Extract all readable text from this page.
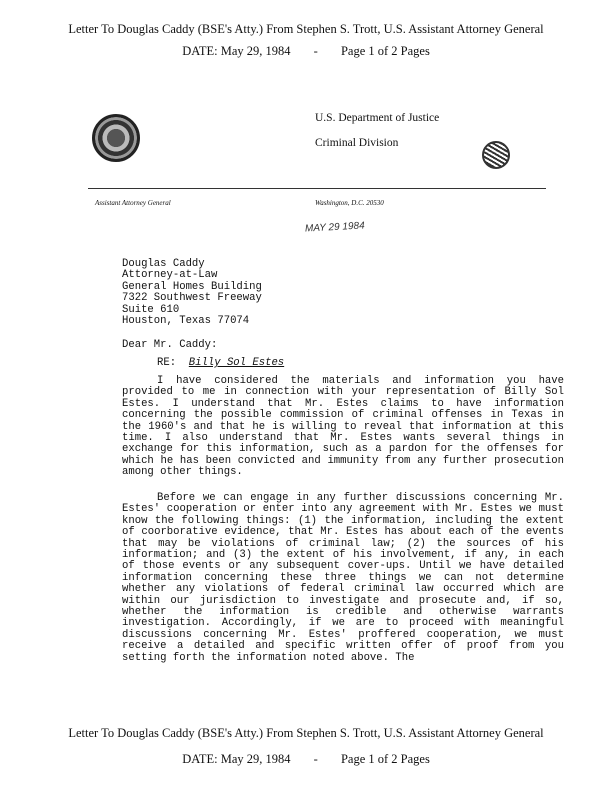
Letter To Douglas Caddy (BSE's Atty.) From Stephen S. Trott, U.S. Assistant Attorney General
DATE: May 29, 1984 - Page 1 of 2 Pages
U.S. Department of Justice
Criminal Division
Assistant Attorney General	Washington, D.C. 20530
MAY 29 1984
Douglas Caddy
Attorney-at-Law
General Homes Building
7322 Southwest Freeway
Suite 610
Houston, Texas 77074
Dear Mr. Caddy:
RE: Billy Sol Estes

I have considered the materials and information you have provided to me in connection with your representation of Billy Sol Estes. I understand that Mr. Estes claims to have information concerning the possible commission of criminal offenses in Texas in the 1960's and that he is willing to reveal that information at this time. I also understand that Mr. Estes wants several things in exchange for this information, such as a pardon for the offenses for which he has been convicted and immunity from any further prosecution among other things.

Before we can engage in any further discussions concerning Mr. Estes' cooperation or enter into any agreement with Mr. Estes we must know the following things: (1) the information, including the extent of coorborative evidence, that Mr. Estes has about each of the events that may be violations of criminal law; (2) the sources of his information; and (3) the extent of his involvement, if any, in each of those events or any subsequent cover-ups. Until we have detailed information concerning these three things we can not determine whether any violations of federal criminal law occurred which are within our jurisdiction to investigate and prosecute and, if so, whether the information is credible and otherwise warrants investigation. Accordingly, if we are to proceed with meaningful discussions concerning Mr. Estes' proffered cooperation, we must receive a detailed and specific written offer of proof from you setting forth the information noted above. The

Letter To Douglas Caddy (BSE's Atty.) From Stephen S. Trott, U.S. Assistant Attorney General
DATE: May 29, 1984 - Page 1 of 2 Pages
